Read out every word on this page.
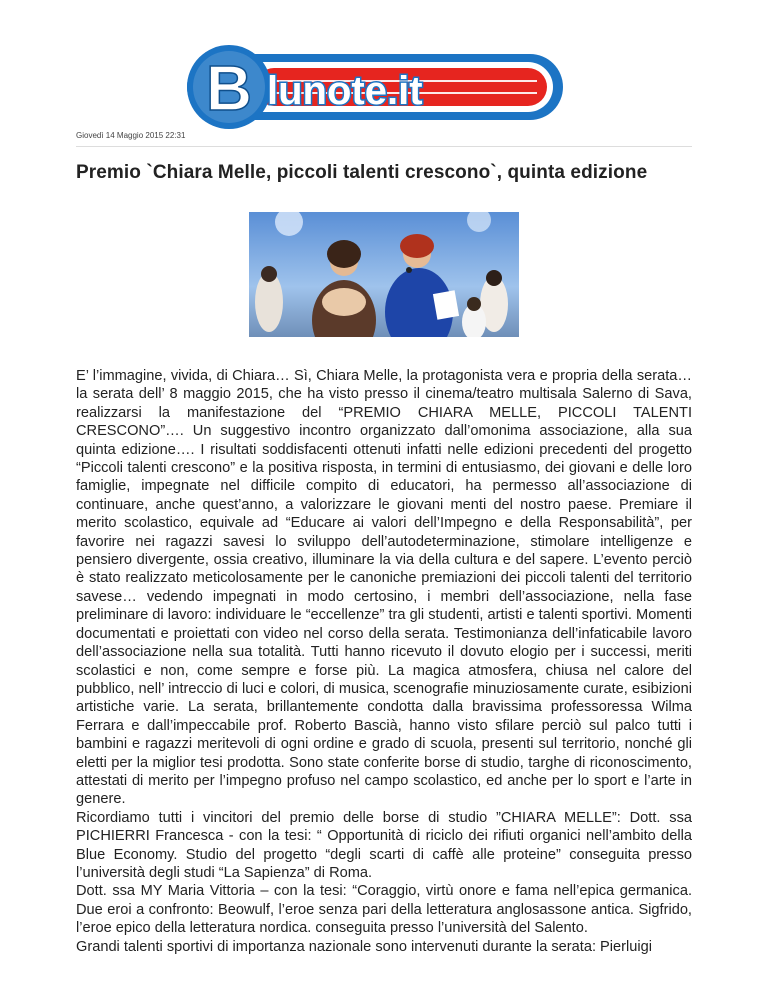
B lunote.it
Giovedì 14 Maggio 2015 22:31
Premio `Chiara Melle, piccoli talenti crescono`, quinta edizione

E’ l’immagine, vivida, di Chiara… Sì, Chiara Melle, la protagonista vera e propria della serata…la serata dell’ 8 maggio 2015, che ha visto presso il cinema/teatro multisala Salerno di Sava, realizzarsi la manifestazione del “PREMIO CHIARA MELLE, PICCOLI TALENTI CRESCONO”…. Un suggestivo incontro organizzato dall’omonima associazione, alla sua quinta edizione…. I risultati soddisfacenti ottenuti infatti nelle edizioni precedenti del progetto “Piccoli talenti crescono” e la positiva risposta, in termini di entusiasmo, dei giovani e delle loro famiglie, impegnate nel difficile compito di educatori, ha permesso all’associazione di continuare, anche quest’anno, a valorizzare le giovani menti del nostro paese. Premiare il merito scolastico, equivale ad “Educare ai valori dell’Impegno e della Responsabilità”, per favorire nei ragazzi savesi lo sviluppo dell’autodeterminazione, stimolare intelligenze e pensiero divergente, ossia creativo, illuminare la via della cultura e del sapere. L’evento perciò è stato realizzato meticolosamente per le canoniche premiazioni dei piccoli talenti del territorio savese… vedendo impegnati in modo certosino, i membri dell’associazione, nella fase preliminare di lavoro: individuare le “eccellenze” tra gli studenti, artisti e talenti sportivi. Momenti documentati e proiettati con video nel corso della serata. Testimonianza dell’infaticabile lavoro dell’associazione nella sua totalità. Tutti hanno ricevuto il dovuto elogio per i successi, meriti scolastici e non, come sempre e forse più. La magica atmosfera, chiusa nel calore del pubblico, nell’ intreccio di luci e colori, di musica, scenografie minuziosamente curate, esibizioni artistiche varie. La serata, brillantemente condotta dalla bravissima professoressa Wilma Ferrara e dall’impeccabile prof. Roberto Bascià, hanno visto sfilare perciò sul palco tutti i bambini e ragazzi meritevoli di ogni ordine e grado di scuola, presenti sul territorio, nonché gli eletti per la miglior tesi prodotta. Sono state conferite borse di studio, targhe di riconoscimento, attestati di merito per l’impegno profuso nel campo scolastico, ed anche per lo sport e l’arte in genere.

Ricordiamo tutti i vincitori del premio delle borse di studio ”CHIARA MELLE”: Dott. ssa PICHIERRI Francesca - con la tesi: “ Opportunità di riciclo dei rifiuti organici nell’ambito della Blue Economy. Studio del progetto “degli scarti di caffè alle proteine” conseguita presso l’università degli studi “La Sapienza” di Roma.

Dott. ssa MY Maria Vittoria – con la tesi: “Coraggio, virtù onore e fama nell’epica germanica. Due eroi a confronto: Beowulf, l’eroe senza pari della letteratura anglosassone antica. Sigfrido, l’eroe epico della letteratura nordica. conseguita presso l’università del Salento.

Grandi talenti sportivi di importanza nazionale sono intervenuti durante la serata: Pierluigi
